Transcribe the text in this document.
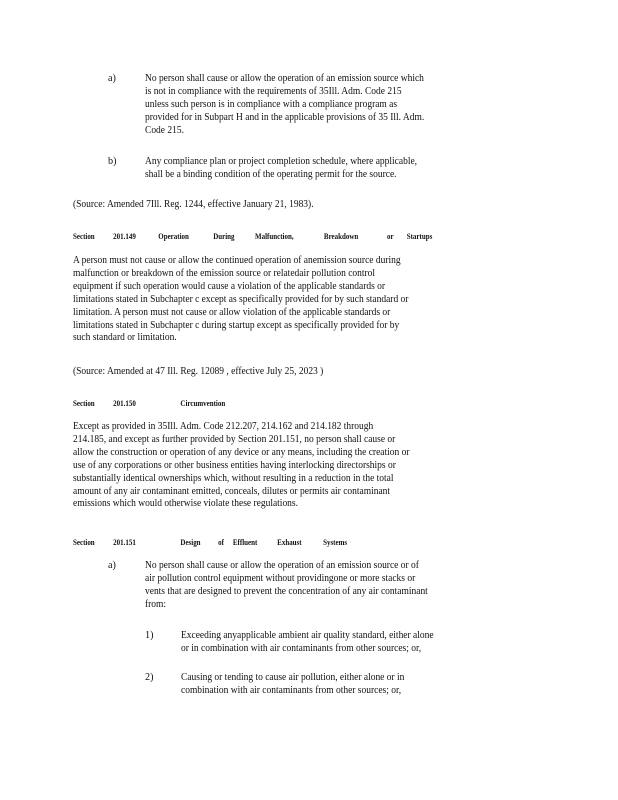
a)	No person shall cause or allow the operation of an emission source which
is not in compliance with the requirements of 35Ill. Adm. Code 215
unless such person is in compliance with a compliance program as
provided for in Subpart H and in the applicable provisions of 35 Ill. Adm.
Code 215.
b)	Any compliance plan or project completion schedule, where applicable,
shall be a binding condition of the operating permit for the source.
(Source: Amended 7Ill. Reg. 1244, effective January 21, 1983).
Section 201.149	Operation	During Malfunction,	Breakdown	or Startups
A person must not cause or allow the continued operation of anemission source during
malfunction or breakdown of the emission source or relatedair pollution control
equipment if such operation would cause a violation of the applicable standards or
limitations stated in Subchapter c except as specifically provided for by such standard or
limitation. A person must not cause or allow violation of the applicable standards or
limitations stated in Subchapter c during startup except as specifically provided for by
such standard or limitation.
(Source: Amended at 47 Ill. Reg. 12089 , effective July 25, 2023 )
Section 201.150	Circumvention
Except as provided in 35Ill. Adm. Code 212.207, 214.162 and 214.182 through
214.185, and except as further provided by Section 201.151, no person shall cause or
allow the construction or operation of any device or any means, including the creation or
use of any corporations or other business entities having interlocking directorships or
substantially identical ownerships which, without resulting in a reduction in the total
amount of any air contaminant emitted, conceals, dilutes or permits air contaminant
emissions which would otherwise violate these regulations.
Section 201.151	Design of Effluent Exhaust	Systems
a)	No person shall cause or allow the operation of an emission source or of
air pollution control equipment without providingone or more stacks or
vents that are designed to prevent the concentration of any air contaminant
from:
1)	Exceeding anyapplicable ambient air quality standard, either alone
or in combination with air contaminants from other sources; or,
2)	Causing or tending to cause air pollution, either alone or in
combination with air contaminants from other sources; or,
